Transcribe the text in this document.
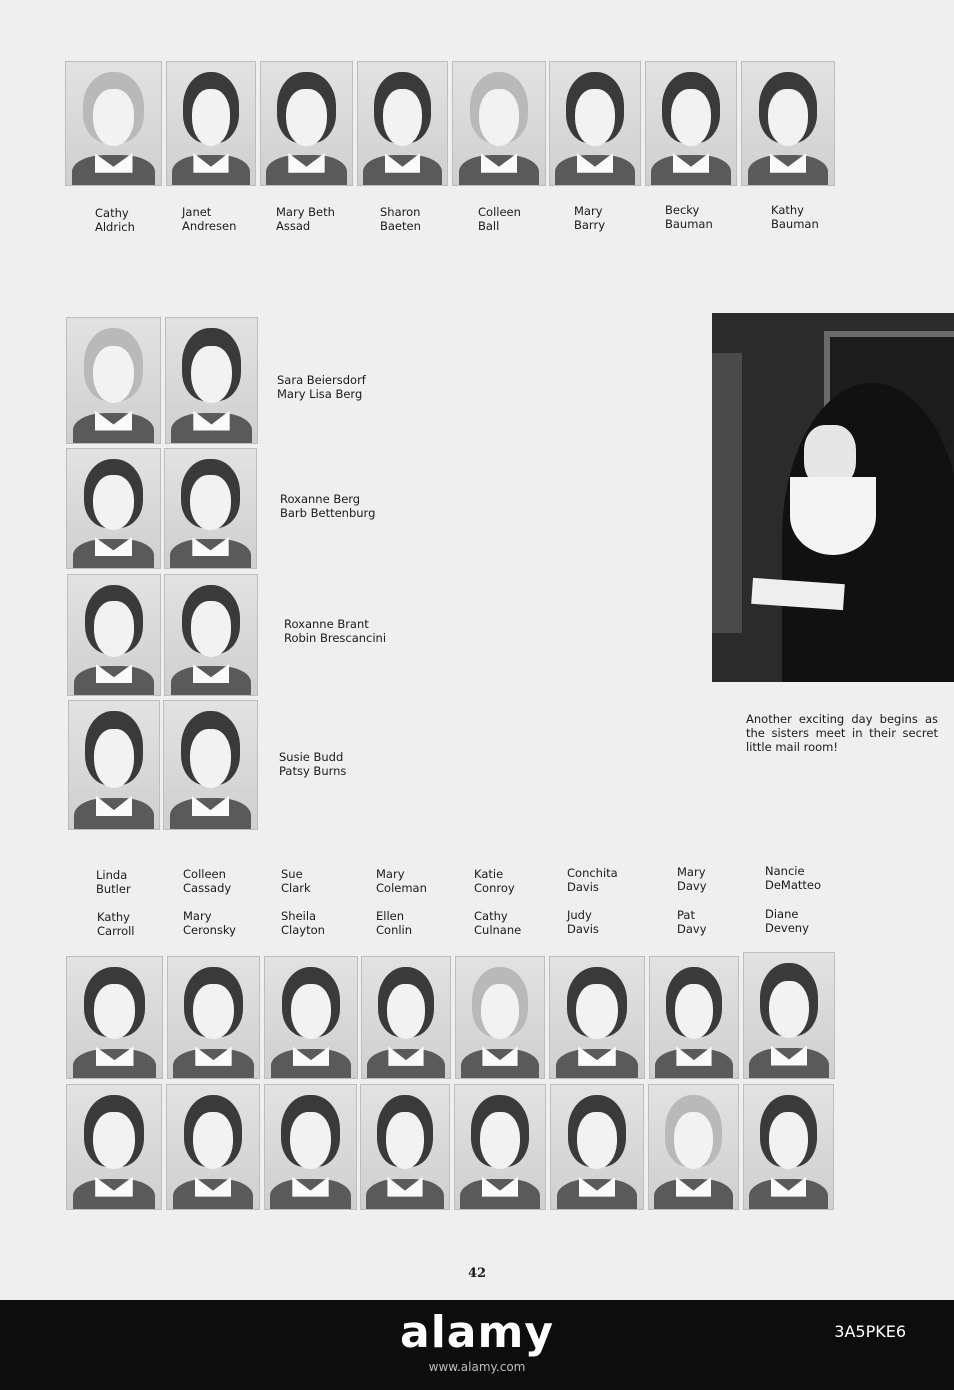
Cathy
Aldrich
Janet
Andresen
Mary Beth
Assad
Sharon
Baeten
Colleen
Ball
Mary
Barry
Becky
Bauman
Kathy
Bauman
Sara Beiersdorf
Mary Lisa Berg
Roxanne Berg
Barb Bettenburg
Roxanne Brant
Robin Brescancini
Susie Budd
Patsy Burns
Another exciting day begins as the sisters meet in their secret little mail room!
Linda
Butler
Colleen
Cassady
Sue
Clark
Mary
Coleman
Katie
Conroy
Conchita
Davis
Mary
Davy
Nancie
DeMatteo
Kathy
Carroll
Mary
Ceronsky
Sheila
Clayton
Ellen
Conlin
Cathy
Culnane
Judy
Davis
Pat
Davy
Diane
Deveny
42
alamy	3A5PKE6
www.alamy.com
